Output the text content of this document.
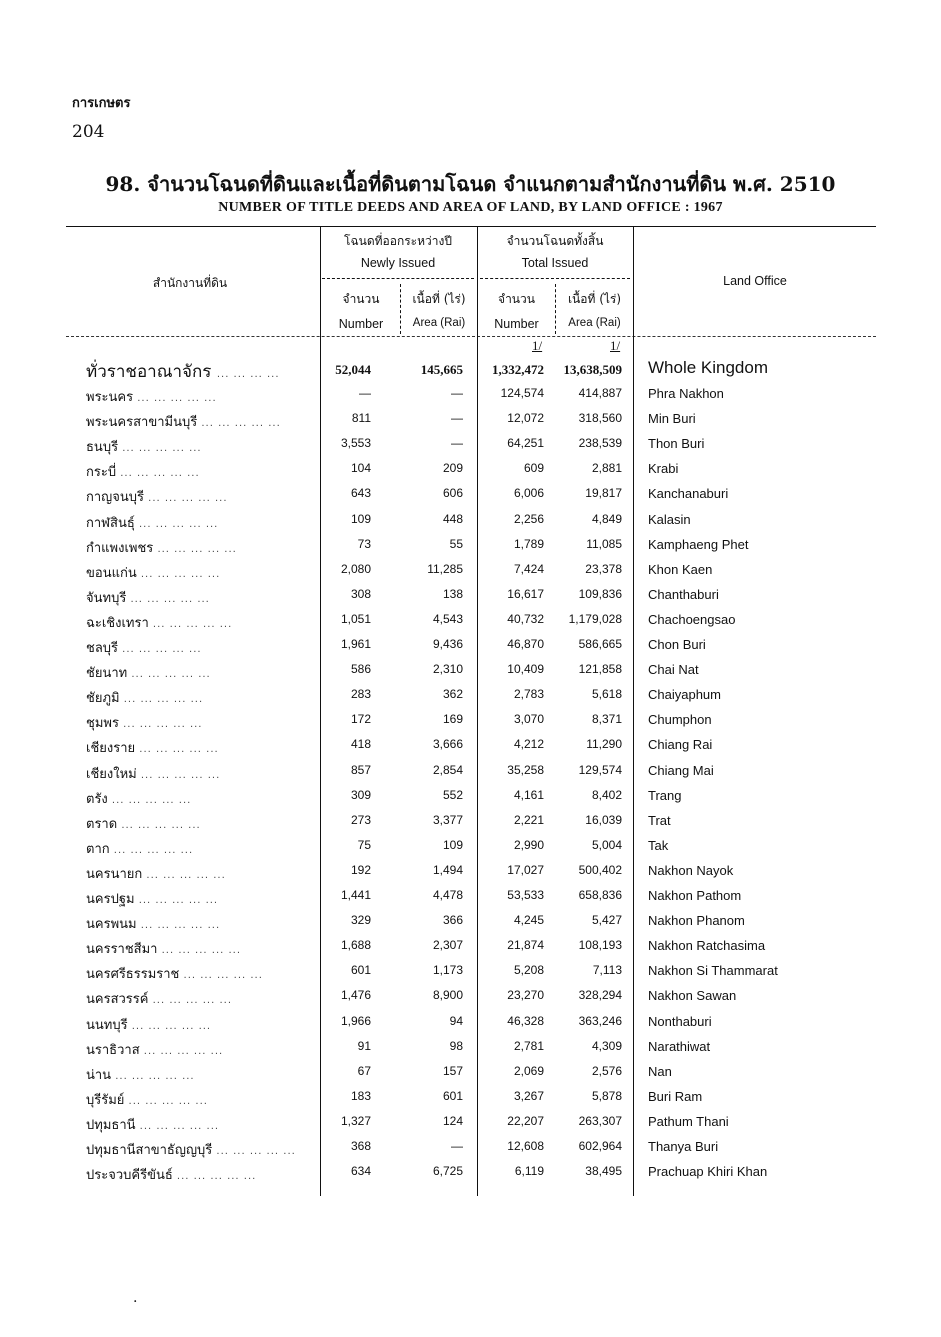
การเกษตร
204
98. จำนวนโฉนดที่ดินและเนื้อที่ดินตามโฉนด จำแนกตามสำนักงานที่ดิน พ.ศ. 2510
NUMBER OF TITLE DEEDS AND AREA OF LAND, BY LAND OFFICE : 1967
สำนักงานที่ดิน	Land Office
โฉนดที่ออกระหว่างปี
Newly Issued
จำนวนโฉนดทั้งสิ้น
Total Issued
จำนวน
Number
เนื้อที่ (ไร่)
Area (Rai)
จำนวน
Number
เนื้อที่ (ไร่)
Area (Rai)
1/	1/
ทั่วราชอาณาจักร ... ... ... ...	52,044	145,665	1,332,472	13,638,509 Whole Kingdom
พระนคร ... ... ... ... ...	—	—	124,574	414,887 Phra Nakhon
พระนครสาขามีนบุรี ... ... ... ... ...	811	—	12,072	318,560 Min Buri
ธนบุรี ... ... ... ... ...	3,553	—	64,251	238,539 Thon Buri
กระบี่ ... ... ... ... ...	104	209	609	2,881 Krabi
กาญจนบุรี ... ... ... ... ...	643	606	6,006	19,817 Kanchanaburi
กาฬสินธุ์ ... ... ... ... ...	109	448	2,256	4,849 Kalasin
กำแพงเพชร ... ... ... ... ...	73	55	1,789	11,085 Kamphaeng Phet
ขอนแก่น ... ... ... ... ...	2,080	11,285	7,424	23,378 Khon Kaen
จันทบุรี ... ... ... ... ...	308	138	16,617	109,836 Chanthaburi
ฉะเชิงเทรา ... ... ... ... ...	1,051	4,543	40,732	1,179,028 Chachoengsao
ชลบุรี ... ... ... ... ...	1,961	9,436	46,870	586,665 Chon Buri
ชัยนาท ... ... ... ... ...	586	2,310	10,409	121,858 Chai Nat
ชัยภูมิ ... ... ... ... ...	283	362	2,783	5,618 Chaiyaphum
ชุมพร ... ... ... ... ...	172	169	3,070	8,371 Chumphon
เชียงราย ... ... ... ... ...	418	3,666	4,212	11,290 Chiang Rai
เชียงใหม่ ... ... ... ... ...	857	2,854	35,258	129,574 Chiang Mai
ตรัง ... ... ... ... ...	309	552	4,161	8,402 Trang
ตราด ... ... ... ... ...	273	3,377	2,221	16,039 Trat
ตาก ... ... ... ... ...	75	109	2,990	5,004 Tak
นครนายก ... ... ... ... ...	192	1,494	17,027	500,402 Nakhon Nayok
นครปฐม ... ... ... ... ...	1,441	4,478	53,533	658,836 Nakhon Pathom
นครพนม ... ... ... ... ...	329	366	4,245	5,427 Nakhon Phanom
นครราชสีมา ... ... ... ... ...	1,688	2,307	21,874	108,193 Nakhon Ratchasima
นครศรีธรรมราช ... ... ... ... ...	601	1,173	5,208	7,113 Nakhon Si Thammarat
นครสวรรค์ ... ... ... ... ...	1,476	8,900	23,270	328,294 Nakhon Sawan
นนทบุรี ... ... ... ... ...	1,966	94	46,328	363,246 Nonthaburi
นราธิวาส ... ... ... ... ...	91	98	2,781	4,309 Narathiwat
น่าน ... ... ... ... ...	67	157	2,069	2,576 Nan
บุรีรัมย์ ... ... ... ... ...	183	601	3,267	5,878 Buri Ram
ปทุมธานี ... ... ... ... ...	1,327	124	22,207	263,307 Pathum Thani
ปทุมธานีสาขาธัญญบุรี ... ... ... ... ...	368	—	12,608	602,964 Thanya Buri
ประจวบคีรีขันธ์ ... ... ... ... ...	634	6,725	6,119	38,495 Prachuap Khiri Khan
.
